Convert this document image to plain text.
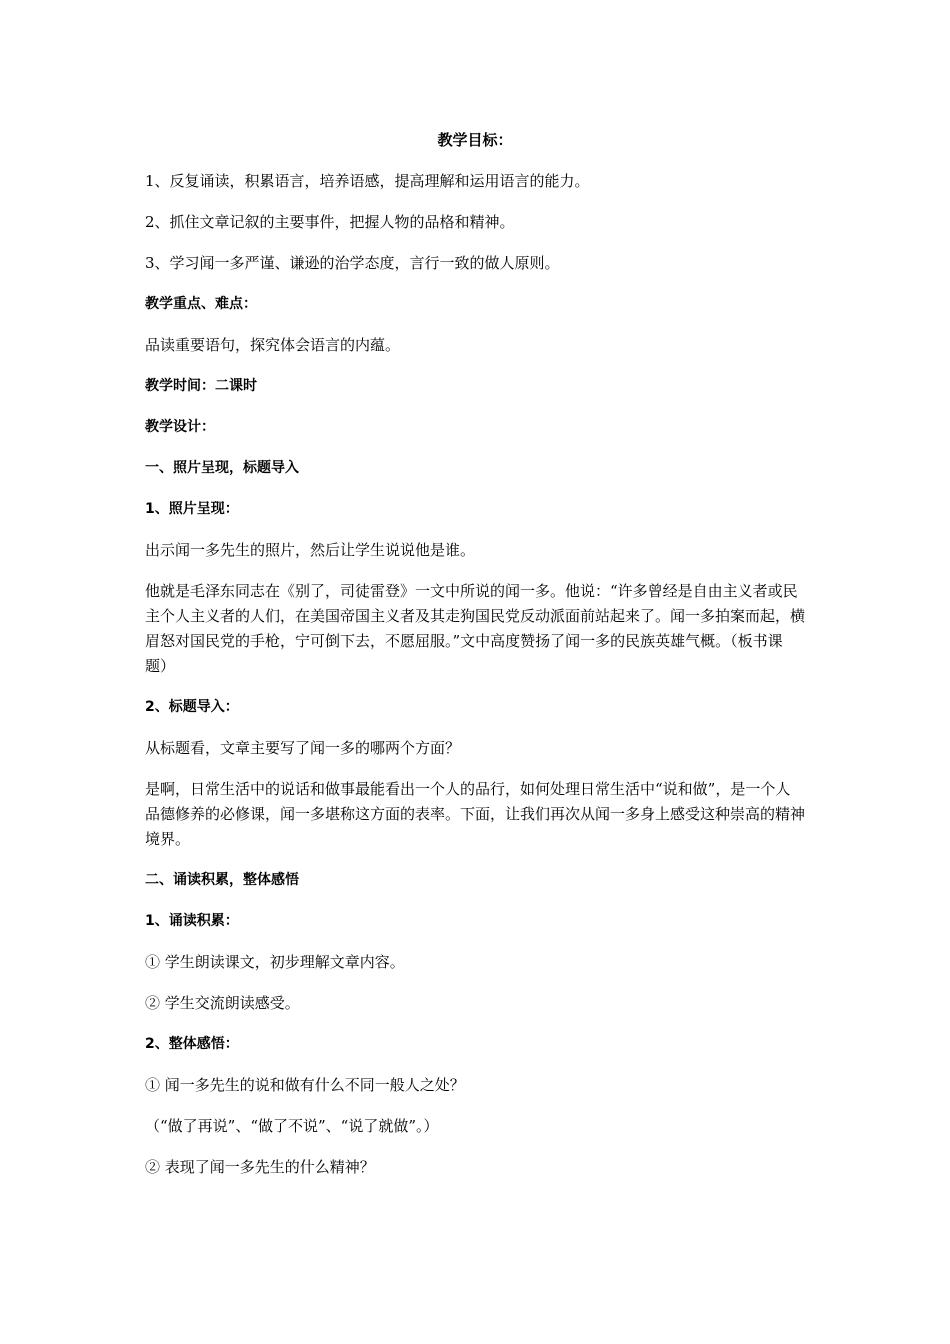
教学目标：

1、反复诵读，积累语言，培养语感，提高理解和运用语言的能力。

2、抓住文章记叙的主要事件，把握人物的品格和精神。

3、学习闻一多严谨、谦逊的治学态度，言行一致的做人原则。

教学重点、难点：

品读重要语句，探究体会语言的内蕴。

教学时间：二课时

教学设计：

一、照片呈现，标题导入

1、照片呈现：

出示闻一多先生的照片，然后让学生说说他是谁。

他就是毛泽东同志在《别了，司徒雷登》一文中所说的闻一多。他说：“许多曾经是自由主义者或民主个人主义者的人们，在美国帝国主义者及其走狗国民党反动派面前站起来了。闻一多拍案而起，横眉怒对国民党的手枪，宁可倒下去，不愿屈服。”文中高度赞扬了闻一多的民族英雄气概。（板书课题）

2、标题导入：

从标题看，文章主要写了闻一多的哪两个方面？

是啊，日常生活中的说话和做事最能看出一个人的品行，如何处理日常生活中“说和做”，是一个人品德修养的必修课，闻一多堪称这方面的表率。下面，让我们再次从闻一多身上感受这种崇高的精神境界。

二、诵读积累，整体感悟

1、诵读积累：

① 学生朗读课文，初步理解文章内容。

② 学生交流朗读感受。

2、整体感悟：

① 闻一多先生的说和做有什么不同一般人之处？

（“做了再说”、“做了不说”、“说了就做”。）

② 表现了闻一多先生的什么精神？
